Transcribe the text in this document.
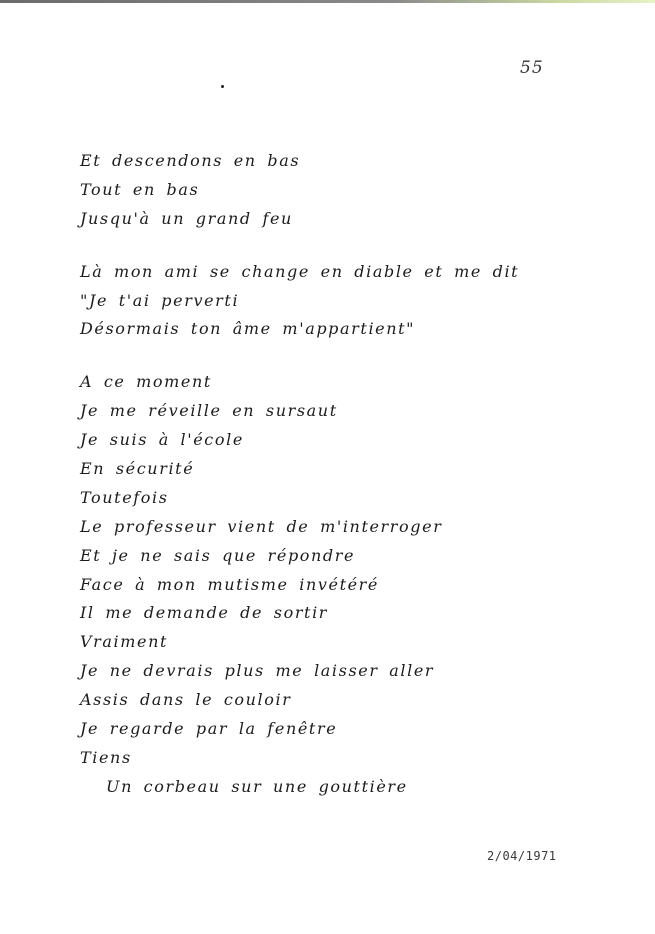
55
Et descendons en bas
Tout en bas
Jusqu'à un grand feu
Là mon ami se change en diable et me dit
"Je t'ai perverti
Désormais ton âme m'appartient"
A ce moment
Je me réveille en sursaut
Je suis à l'école
En sécurité
Toutefois
Le professeur vient de m'interroger
Et je ne sais que répondre
Face à mon mutisme invétéré
Il me demande de sortir
Vraiment
Je ne devrais plus me laisser aller
Assis dans le couloir
Je regarde par la fenêtre
Tiens
Un corbeau sur une gouttière
2/04/1971
